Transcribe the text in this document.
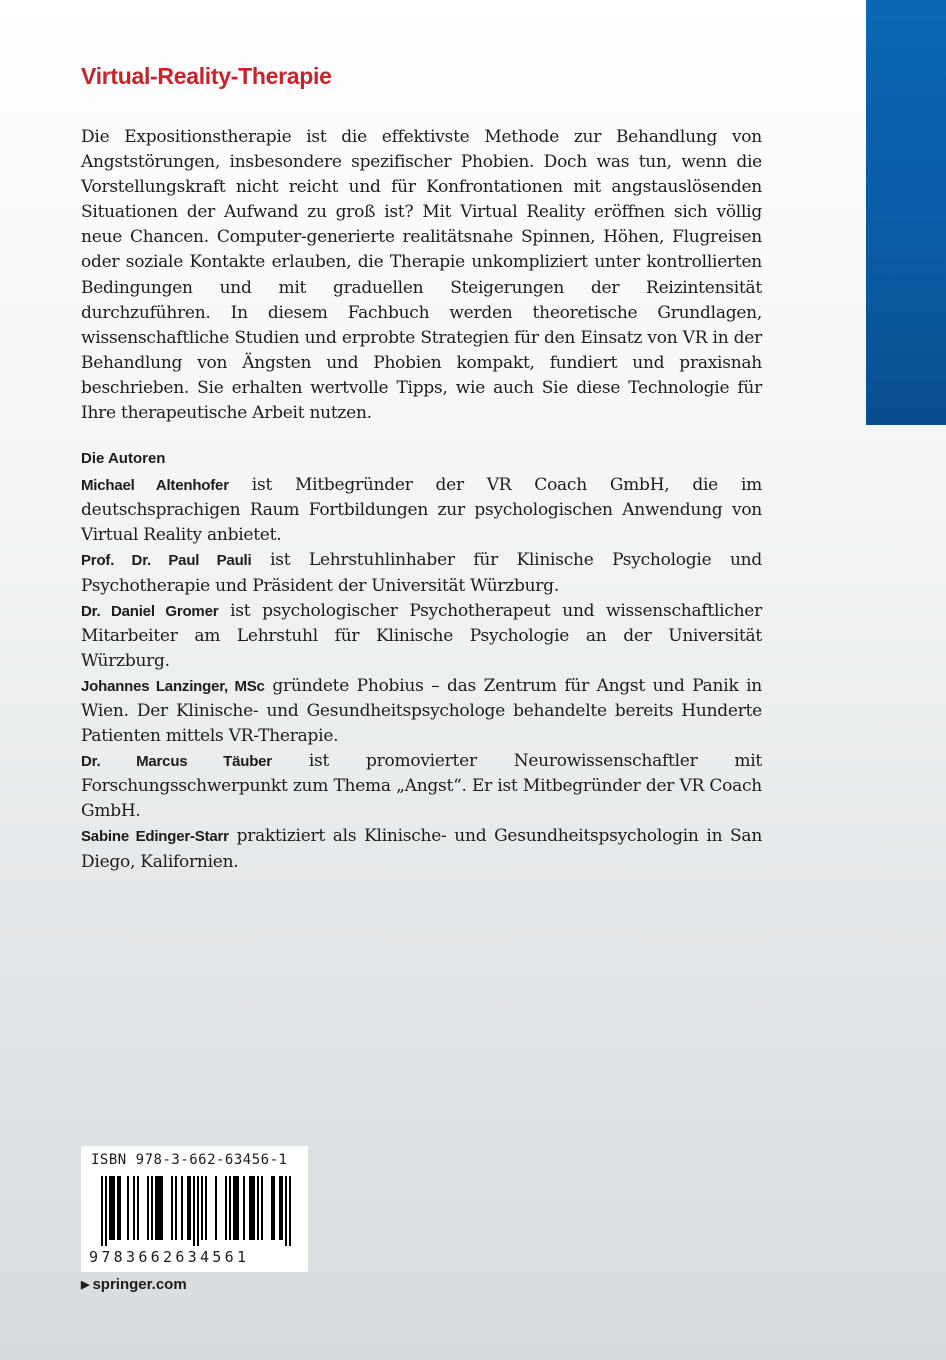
Virtual-Reality-Therapie

Die Expositionstherapie ist die effektivste Methode zur Behandlung von Angststörungen, insbesondere spezifischer Phobien. Doch was tun, wenn die Vorstellungskraft nicht reicht und für Konfrontationen mit angstauslösenden Situationen der Aufwand zu groß ist? Mit Virtual Reality eröffnen sich völlig neue Chancen. Computer-generierte realitätsnahe Spinnen, Höhen, Flugreisen oder soziale Kontakte erlauben, die Therapie unkompliziert unter kontrollierten Bedingungen und mit graduellen Steigerungen der Reizintensität durchzuführen. In diesem Fachbuch werden theoretische Grundlagen, wissenschaftliche Studien und erprobte Strategien für den Einsatz von VR in der Behandlung von Ängsten und Phobien kompakt, fundiert und praxisnah beschrieben. Sie erhalten wertvolle Tipps, wie auch Sie diese Technologie für Ihre therapeutische Arbeit nutzen.

Die Autoren

Michael Altenhofer ist Mitbegründer der VR Coach GmbH, die im deutschsprachigen Raum Fortbildungen zur psychologischen Anwendung von Virtual Reality anbietet.

Prof. Dr. Paul Pauli ist Lehrstuhlinhaber für Klinische Psychologie und Psychotherapie und Präsident der Universität Würzburg.

Dr. Daniel Gromer ist psychologischer Psychotherapeut und wissenschaftlicher Mitarbeiter am Lehrstuhl für Klinische Psychologie an der Universität Würzburg.

Johannes Lanzinger, MSc gründete Phobius – das Zentrum für Angst und Panik in Wien. Der Klinische- und Gesundheitspsychologe behandelte bereits Hunderte Patienten mittels VR-Therapie.

Dr. Marcus Täuber ist promovierter Neurowissenschaftler mit Forschungsschwerpunkt zum Thema „Angst“. Er ist Mitbegründer der VR Coach GmbH.

Sabine Edinger-Starr praktiziert als Klinische- und Gesundheitspsychologin in San Diego, Kalifornien.

ISBN 978-3-662-63456-1
9783662634561
▶ springer.com
